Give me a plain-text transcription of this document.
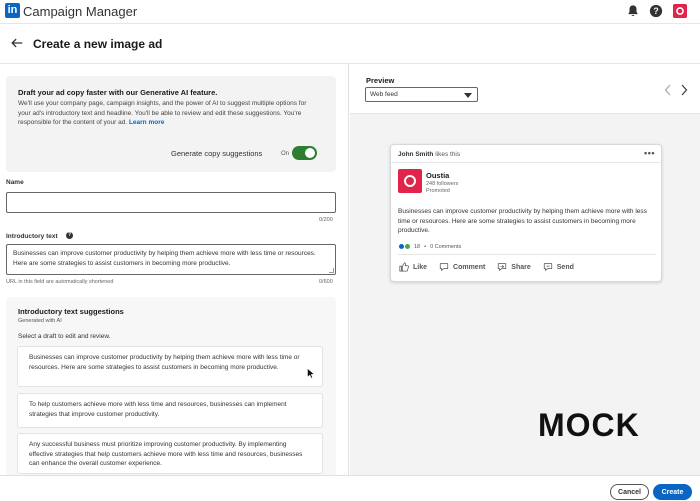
in Campaign Manager	?
Create a new image ad
Draft your ad copy faster with our Generative AI feature.
We'll use your company page, campaign insights, and the power of AI to suggest multiple options for your ad's introductory text and headline. You'll be able to review and edit these suggestions. You're responsible for the content of your ad. Learn more
Generate copy suggestions	On
Name
0/200
Introductory text	?
Businesses can improve customer productivity by helping them achieve more with less time or resources. Here are some strategies to assist customers in becoming more productive.
URL in this field are automatically shortened	0/600
Introductory text suggestions
Generated with AI
Select a draft to edit and review.
Businesses can improve customer productivity by helping them achieve more with less time or resources. Here are some strategies to assist customers in becoming more productive.
To help customers achieve more with less time and resources, businesses can implement strategies that improve customer productivity.
Any successful business must prioritize improving customer productivity. By implementing effective strategies that help customers achieve more with less time and resources, businesses can enhance the overall customer experience.
Preview
Web feed
John Smith likes this	•••
Oustia
248 followers
Promoted
Businesses can improve customer productivity by helping them achieve more with less time or resources. Here are some strategies to assist customers in becoming more productive.
18 • 0 Comments
Like	Comment	Share	Send
MOCK
Cancel	Create
